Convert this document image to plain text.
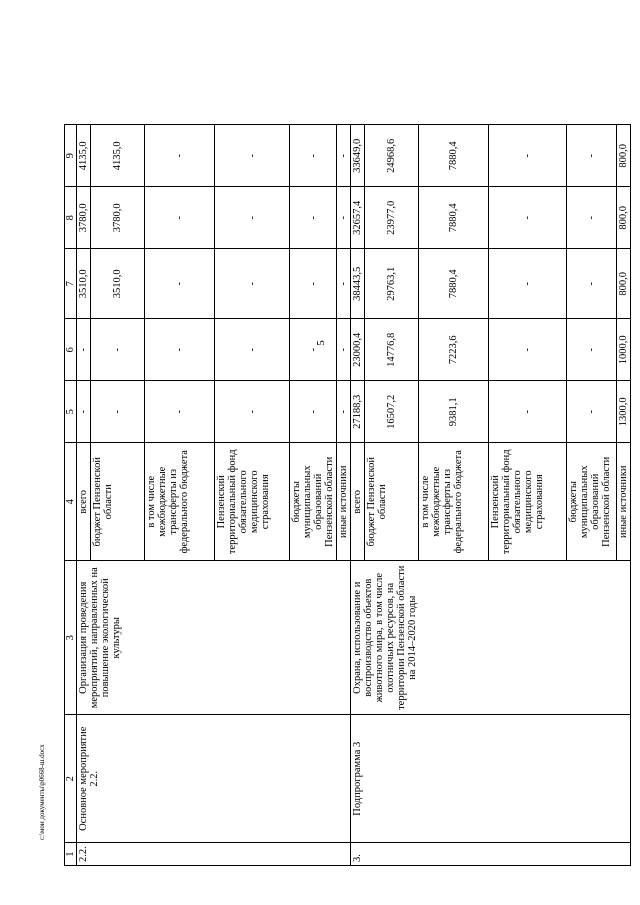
1	2	3	4	5	6	7	8	9
2.2.	Основное мероприятие 2.2.	Организация проведения мероприятий, направленных на повышение экологической культуры	всего	-	-	3510,0	3780,0	4135,0
			бюджет Пензенской области	-	-	3510,0	3780,0	4135,0
			в том числе межбюджетные трансферты из федерального бюджета	-	-	-	-	-
			Пензенский территориальный фонд обязательного медицинского страхования	-	-	-	-	-
			бюджеты муниципальных образований Пензенской области	-	-	-	-	-
			иные источники	-	-	-	-	-
3.	Подпрограмма 3	Охрана, использование и воспроизводство объектов животного мира, в том числе охотничьих ресурсов, на территории Пензенской области на 2014–2020 годы	всего	27188,3	23000,4	38443,5	32657,4	33649,0
			бюджет Пензенской области	16507,2	14776,8	29763,1	23977,0	24968,6
			в том числе межбюджетные трансферты из федерального бюджета	9381,1	7223,6	7880,4	7880,4	7880,4
			Пензенский территориальный фонд обязательного медицинского страхования	-	-	-	-	-
			бюджеты муниципальных образований Пензенской области	-	-	-	-	-
			иные источники	1300,0	1000,0	800,0	800,0	800,0
5
c:\мои документы\р0668-ш.docx
